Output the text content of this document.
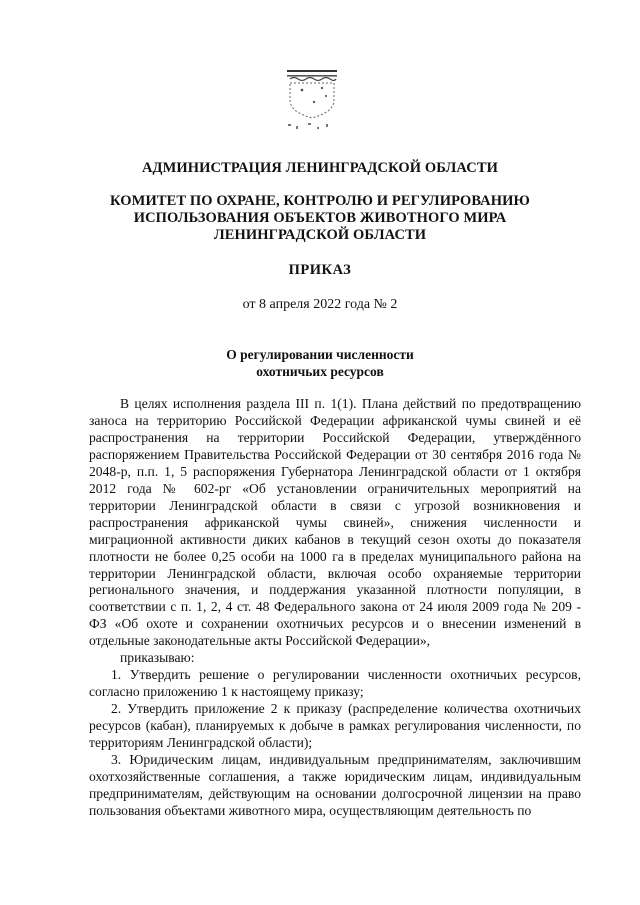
АДМИНИСТРАЦИЯ ЛЕНИНГРАДСКОЙ ОБЛАСТИ
КОМИТЕТ ПО ОХРАНЕ, КОНТРОЛЮ И РЕГУЛИРОВАНИЮ
ИСПОЛЬЗОВАНИЯ ОБЪЕКТОВ ЖИВОТНОГО МИРА
ЛЕНИНГРАДСКОЙ ОБЛАСТИ
ПРИКАЗ
от 8 апреля 2022 года № 2
О регулировании численности
охотничьих ресурсов

В целях исполнения раздела III п. 1(1). Плана действий по предотвращению заноса на территорию Российской Федерации африканской чумы свиней и её распространения на территории Российской Федерации, утверждённого распоряжением Правительства Российской Федерации от 30 сентября 2016 года № 2048-р, п.п. 1, 5 распоряжения Губернатора Ленинградской области от 1 октября 2012 года № 602-рг «Об установлении ограничительных мероприятий на территории Ленинградской области в связи с угрозой возникновения и распространения африканской чумы свиней», снижения численности и миграционной активности диких кабанов в текущий сезон охоты до показателя плотности не более 0,25 особи на 1000 га в пределах муниципального района на территории Ленинградской области, включая особо охраняемые территории регионального значения, и поддержания указанной плотности популяции, в соответствии с п. 1, 2, 4 ст. 48 Федерального закона от 24 июля 2009 года № 209 - ФЗ «Об охоте и сохранении охотничьих ресурсов и о внесении изменений в отдельные законодательные акты Российской Федерации»,

приказываю:

1. Утвердить решение о регулировании численности охотничьих ресурсов, согласно приложению 1 к настоящему приказу;

2. Утвердить приложение 2 к приказу (распределение количества охотничьих ресурсов (кабан), планируемых к добыче в рамках регулирования численности, по территориям Ленинградской области);

3. Юридическим лицам, индивидуальным предпринимателям, заключившим охотхозяйственные соглашения, а также юридическим лицам, индивидуальным предпринимателям, действующим на основании долгосрочной лицензии на право пользования объектами животного мира, осуществляющим деятельность по
